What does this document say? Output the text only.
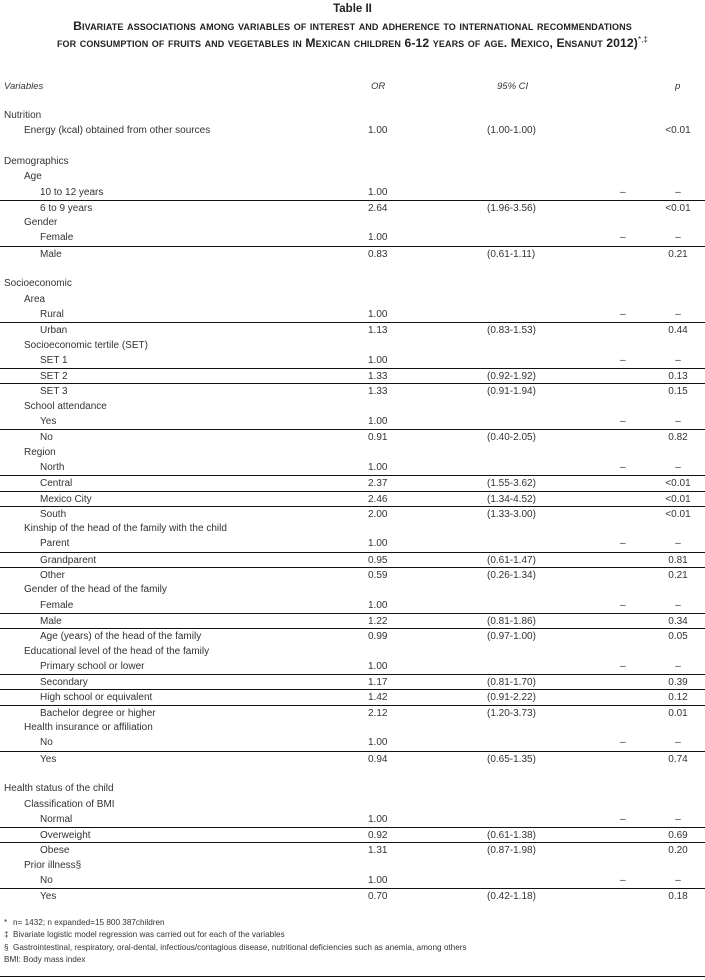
Table II
Bivariate associations among variables of interest and adherence to international recommendations
for consumption of fruits and vegetables in Mexican children 6-12 years of age. Mexico, Ensanut 2012)*,‡
Variables	OR	95% CI	p
Nutrition
Energy (kcal) obtained from other sources	1.00	(1.00-1.00)	<0.01
Demographics
Age
10 to 12 years	1.00	–	–
6 to 9 years	2.64	(1.96-3.56)	<0.01
Gender
Female	1.00	–	–
Male	0.83	(0.61-1.11)	0.21
Socioeconomic
Area
Rural	1.00	–	–
Urban	1.13	(0.83-1.53)	0.44
Socioeconomic tertile (SET)
SET 1	1.00	–	–
SET 2	1.33	(0.92-1.92)	0.13
SET 3	1.33	(0.91-1.94)	0.15
School attendance
Yes	1.00	–	–
No	0.91	(0.40-2.05)	0.82
Region
North	1.00	–	–
Central	2.37	(1.55-3.62)	<0.01
Mexico City	2.46	(1.34-4.52)	<0.01
South	2.00	(1.33-3.00)	<0.01
Kinship of the head of the family with the child
Parent	1.00	–	–
Grandparent	0.95	(0.61-1.47)	0.81
Other	0.59	(0.26-1.34)	0.21
Gender of the head of the family
Female	1.00	–	–
Male	1.22	(0.81-1.86)	0.34
Age (years) of the head of the family	0.99	(0.97-1.00)	0.05
Educational level of the head of the family
Primary school or lower	1.00	–	–
Secondary	1.17	(0.81-1.70)	0.39
High school or equivalent	1.42	(0.91-2.22)	0.12
Bachelor degree or higher	2.12	(1.20-3.73)	0.01
Health insurance or affiliation
No	1.00	–	–
Yes	0.94	(0.65-1.35)	0.74
Health status of the child
Classification of BMI
Normal	1.00	–	–
Overweight	0.92	(0.61-1.38)	0.69
Obese	1.31	(0.87-1.98)	0.20
Prior illness§
No	1.00	–	–
Yes	0.70	(0.42-1.18)	0.18
* n= 1432; n expanded=15 800 387children
‡ Bivariate logistic model regression was carried out for each of the variables
§ Gastrointestinal, respiratory, oral-dental, infectious/contagious disease, nutritional deficiencies such as anemia, among others
BMI: Body mass index
